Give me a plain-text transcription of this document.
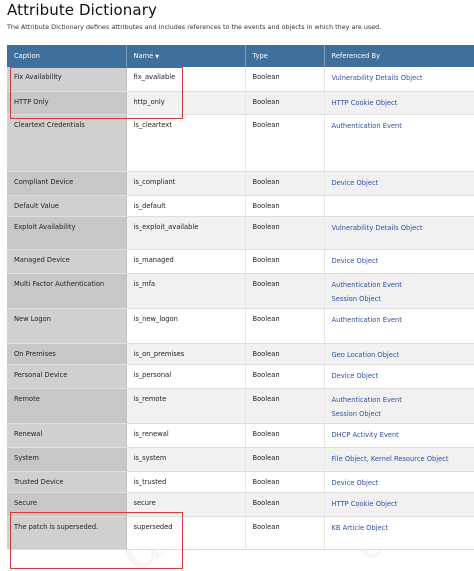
Attribute Dictionary
The Attribute Dictionary defines attributes and includes references to the events and objects in which they are used.
Caption	Name ▼	Type	Referenced By
Fix Availability	fix_available	Boolean	Vulnerability Details Object

HTTP Only	http_only	Boolean	HTTP Cookie Object

Cleartext Credentials	is_cleartext	Boolean	Authentication Event

Compliant Device	is_compliant	Boolean	Device Object

Default Value	is_default	Boolean	
Exploit Availability	is_exploit_available	Boolean	Vulnerability Details Object

Managed Device	is_managed	Boolean	Device Object

Multi Factor Authentication	is_mfa	Boolean	Authentication Event
Session Object

New Logon	is_new_logon	Boolean	Authentication Event

On Premises	is_on_premises	Boolean	Geo Location Object

Personal Device	is_personal	Boolean	Device Object

Remote	is_remote	Boolean	Authentication Event
Session Object

Renewal	is_renewal	Boolean	DHCP Activity Event

System	is_system	Boolean	File Object, Kernel Resource Object

Trusted Device	is_trusted	Boolean	Device Object

Secure	secure	Boolean	HTTP Cookie Object

The patch is superseded.	superseded	Boolean	KB Article Object
